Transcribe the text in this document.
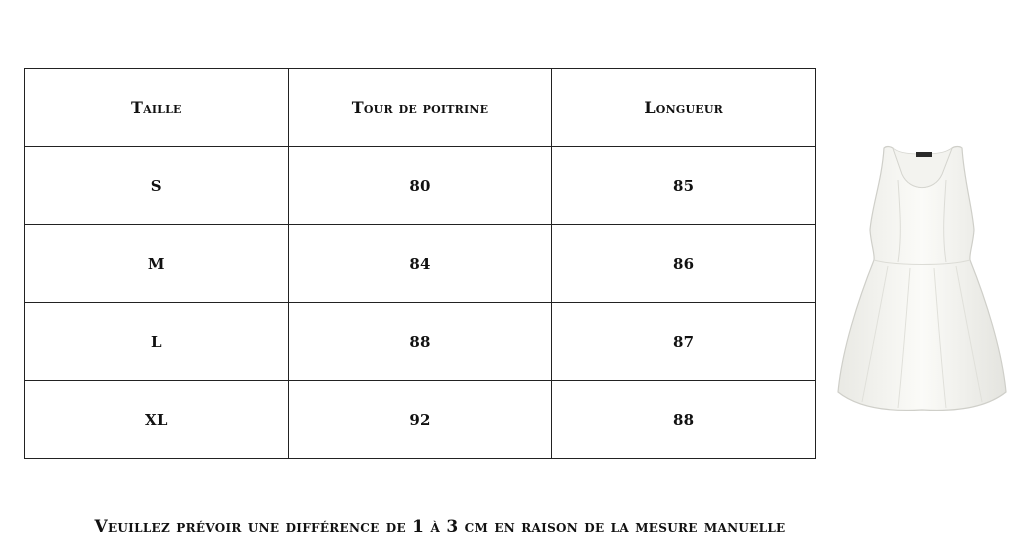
Taille	Tour de poitrine	Longueur
S	80	85
M	84	86
L	88	87
XL	92	88
Veuillez prévoir une différence de 1 à 3 cm en raison de la mesure manuelle
